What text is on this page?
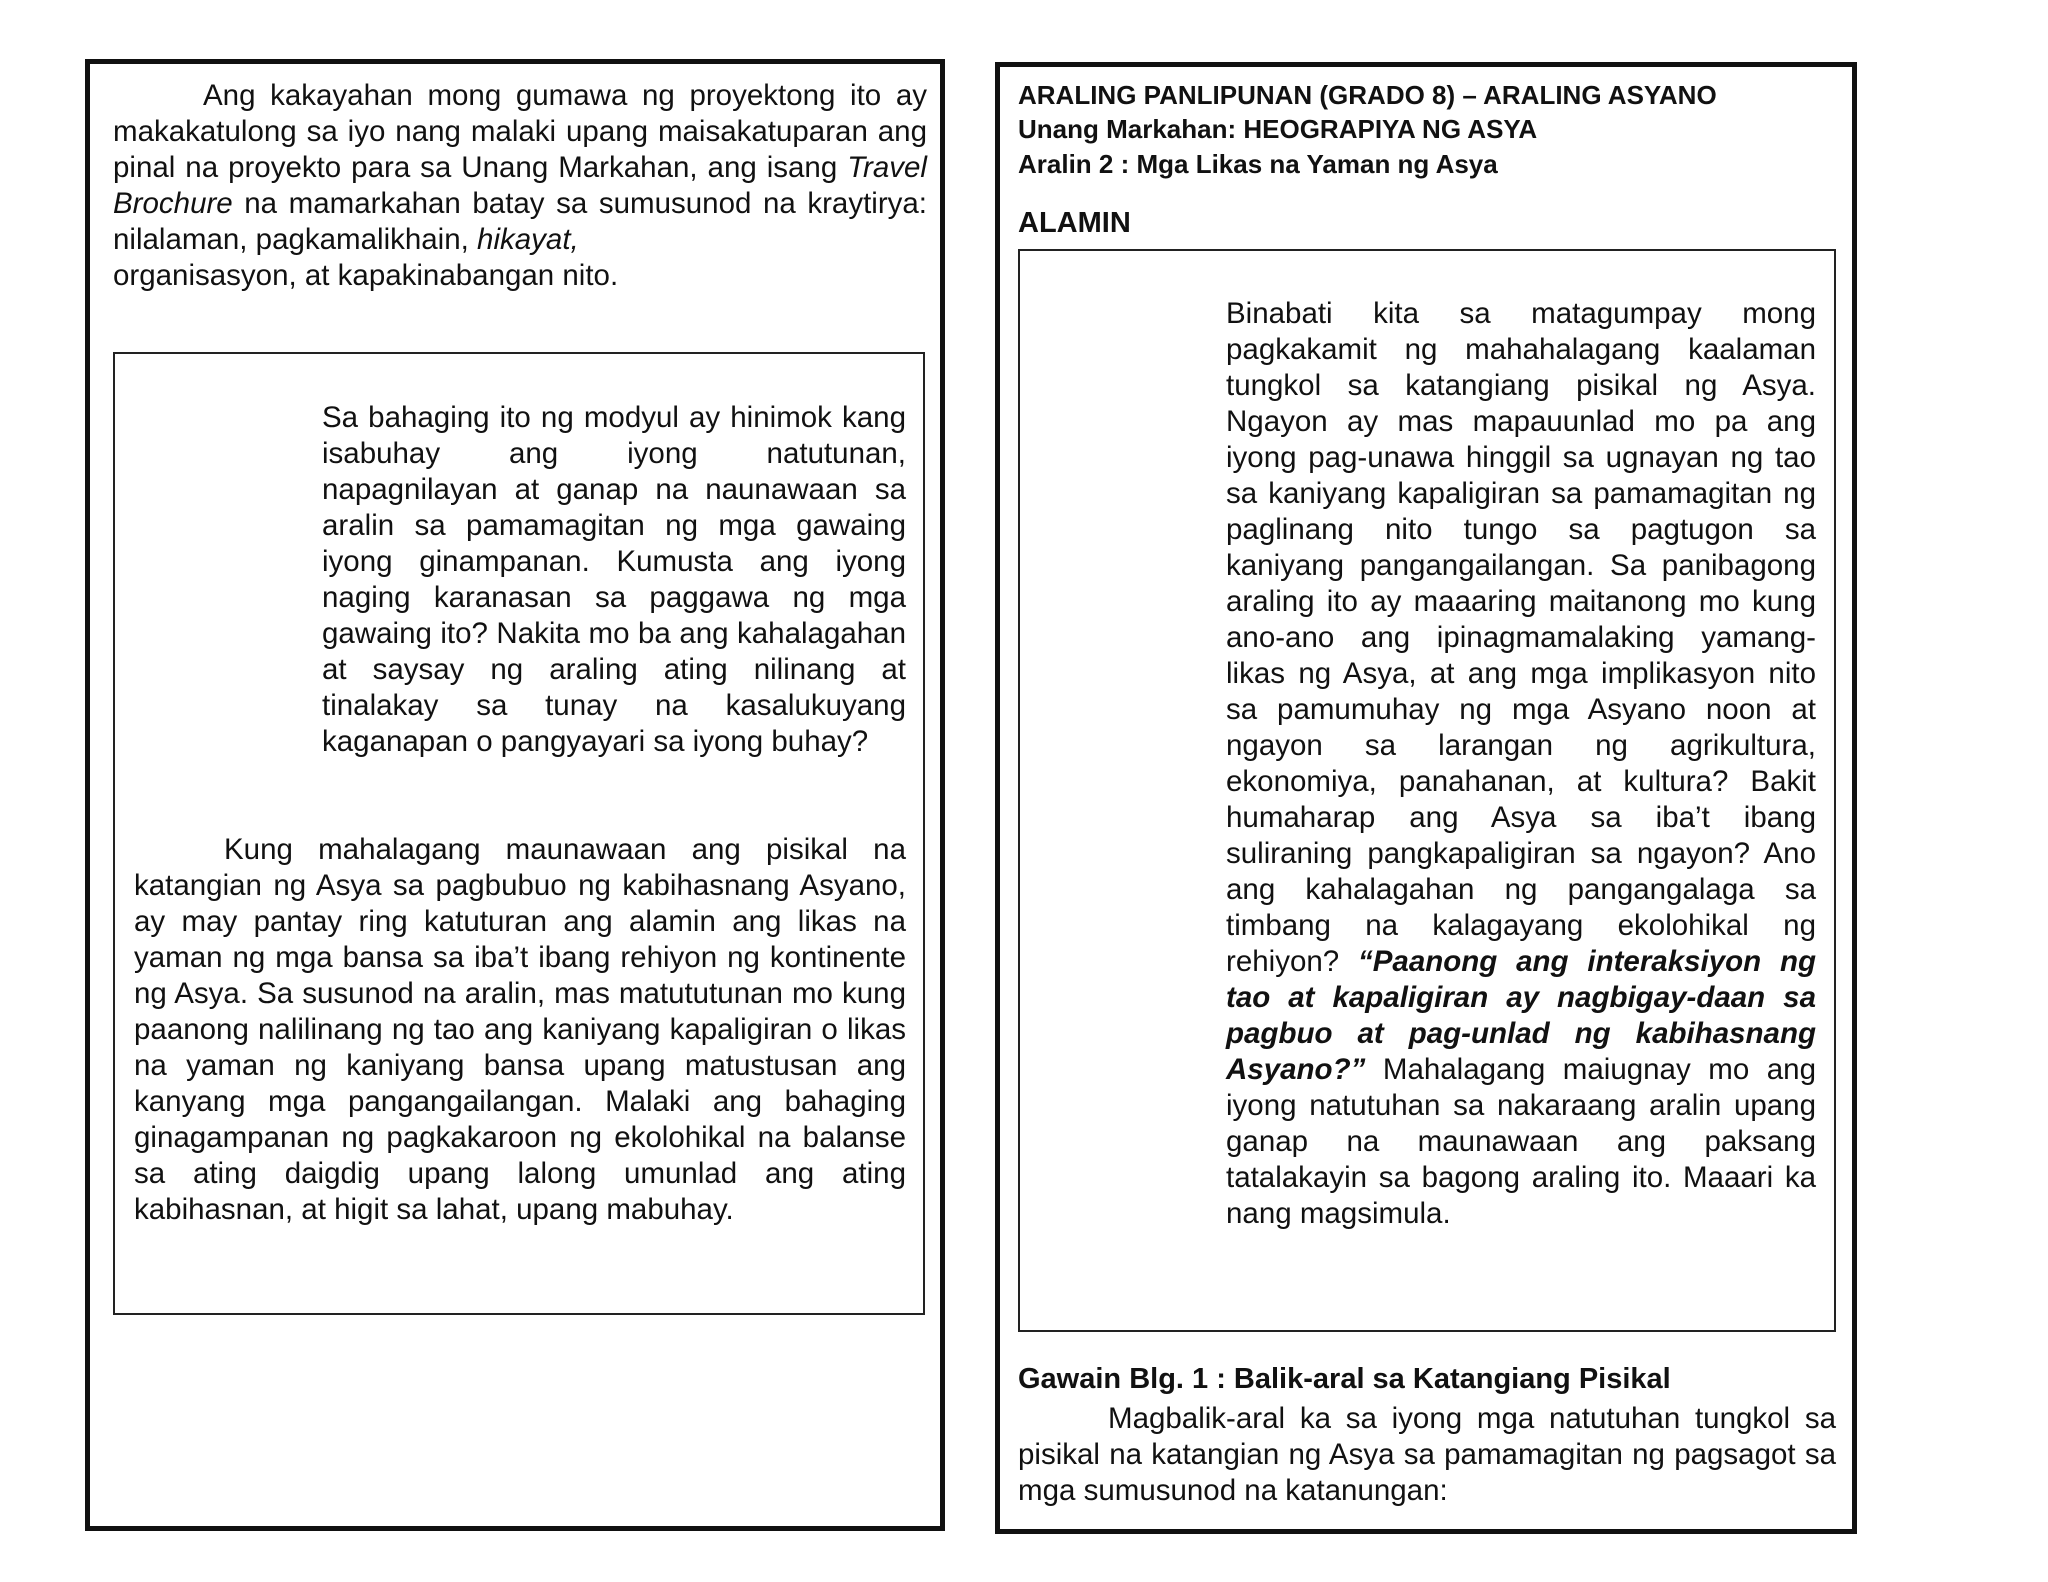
Ang kakayahan mong gumawa ng proyektong ito ay makakatulong sa iyo nang malaki upang maisakatuparan ang pinal na proyekto para sa Unang Markahan, ang isang Travel Brochure na mamarkahan batay sa sumusunod na kraytirya: nilalaman, pagkamalikhain, hikayat,
organisasyon, at kapakinabangan nito.

Sa bahaging ito ng modyul ay hinimok kang isabuhay ang iyong natutunan, napagnilayan at ganap na naunawaan sa aralin sa pamamagitan ng mga gawaing iyong ginampanan. Kumusta ang iyong naging karanasan sa paggawa ng mga gawaing ito? Nakita mo ba ang kahalagahan at saysay ng araling ating nilinang at tinalakay sa tunay na kasalukuyang kaganapan o pangyayari sa iyong buhay?

Kung mahalagang maunawaan ang pisikal na katangian ng Asya sa pagbubuo ng kabihasnang Asyano, ay may pantay ring katuturan ang alamin ang likas na yaman ng mga bansa sa iba’t ibang rehiyon ng kontinente ng Asya. Sa susunod na aralin, mas matututunan mo kung paanong nalilinang ng tao ang kaniyang kapaligiran o likas na yaman ng kaniyang bansa upang matustusan ang kanyang mga pangangailangan. Malaki ang bahaging ginagampanan ng pagkakaroon ng ekolohikal na balanse sa ating daigdig upang lalong umunlad ang ating kabihasnan, at higit sa lahat, upang mabuhay.

ARALING PANLIPUNAN (GRADO 8) – ARALING ASYANO

Unang Markahan: HEOGRAPIYA NG ASYA

Aralin 2 : Mga Likas na Yaman ng Asya

ALAMIN

Binabati kita sa matagumpay mong pagkakamit ng mahahalagang kaalaman tungkol sa katangiang pisikal ng Asya. Ngayon ay mas mapauunlad mo pa ang iyong pag-unawa hinggil sa ugnayan ng tao sa kaniyang kapaligiran sa pamamagitan ng paglinang nito tungo sa pagtugon sa kaniyang pangangailangan. Sa panibagong araling ito ay maaaring maitanong mo kung ano-ano ang ipinagmamalaking yamang-likas ng Asya, at ang mga implikasyon nito sa pamumuhay ng mga Asyano noon at ngayon sa larangan ng agrikultura, ekonomiya, panahanan, at kultura? Bakit humaharap ang Asya sa iba’t ibang suliraning pangkapaligiran sa ngayon? Ano ang kahalagahan ng pangangalaga sa timbang na kalagayang ekolohikal ng rehiyon? “Paanong ang interaksiyon ng tao at kapaligiran ay nagbigay-daan sa pagbuo at pag-unlad ng kabihasnang Asyano?” Mahalagang maiugnay mo ang iyong natutuhan sa nakaraang aralin upang ganap na maunawaan ang paksang tatalakayin sa bagong araling ito. Maaari ka nang magsimula.

Gawain Blg. 1 : Balik-aral sa Katangiang Pisikal

Magbalik-aral ka sa iyong mga natutuhan tungkol sa pisikal na katangian ng Asya sa pamamagitan ng pagsagot sa mga sumusunod na katanungan:
